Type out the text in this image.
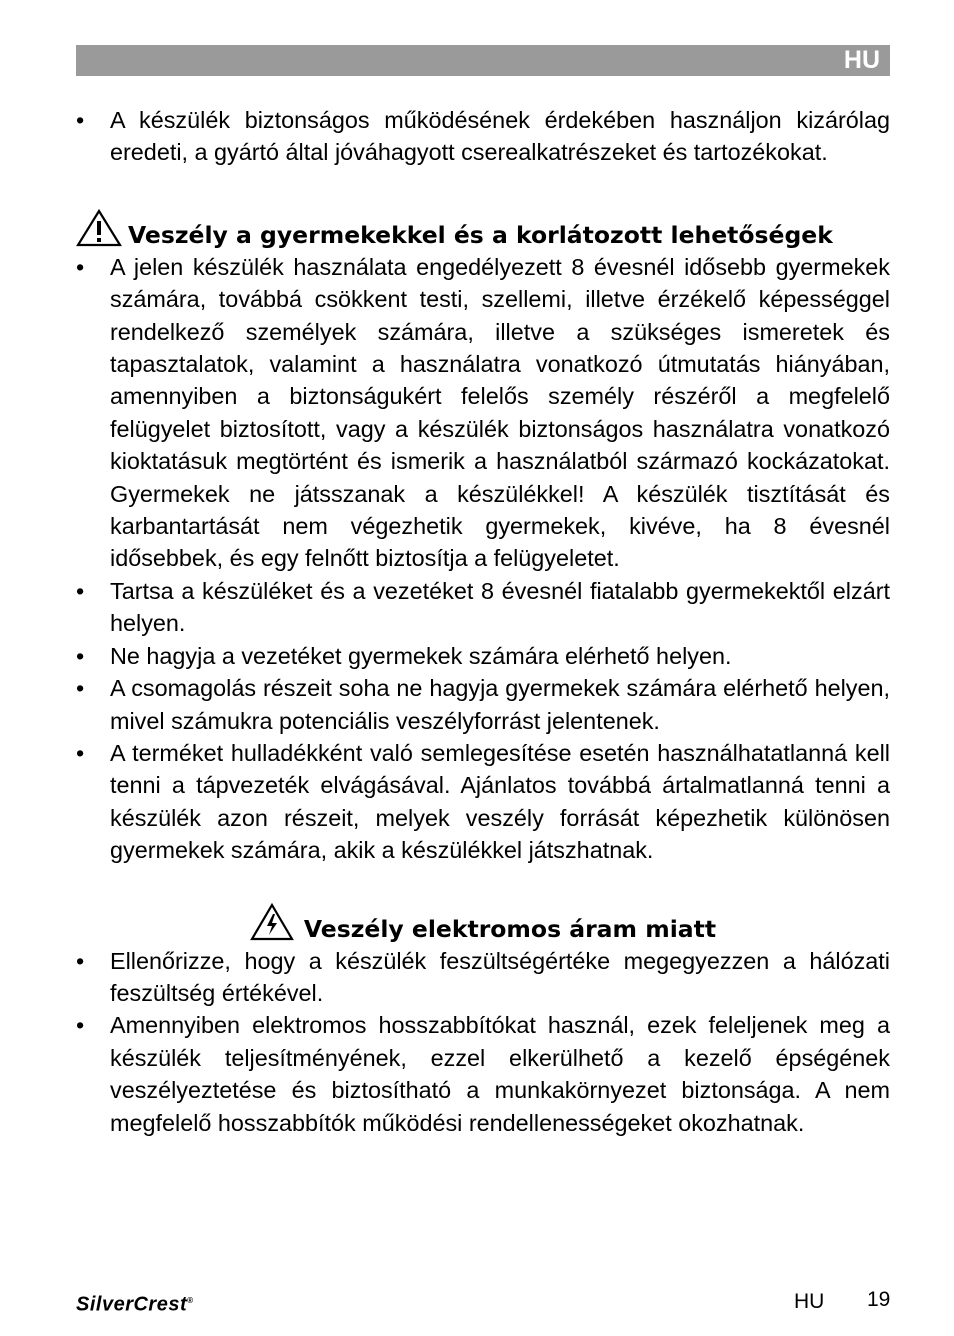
HU
• A készülék biztonságos működésének érdekében használjon kizárólag eredeti, a gyártó által jóváhagyott cserealkatrészeket és tartozékokat.
Veszély a gyermekekkel és a korlátozott lehetőségek
• A jelen készülék használata engedélyezett 8 évesnél idősebb gyermekek számára, továbbá csökkent testi, szellemi, illetve érzékelő képességgel rendelkező személyek számára, illetve a szükséges ismeretek és tapasztalatok, valamint a használatra vonatkozó útmutatás hiányában, amennyiben a biztonságukért felelős személy részéről a megfelelő felügyelet biztosított, vagy a készülék biztonságos használatra vonatkozó kioktatásuk megtörtént és ismerik a használatból származó kockázatokat. Gyermekek ne játsszanak a készülékkel! A készülék tisztítását és karbantartását nem végezhetik gyermekek, kivéve, ha 8 évesnél idősebbek, és egy felnőtt biztosítja a felügyeletet.
• Tartsa a készüléket és a vezetéket 8 évesnél fiatalabb gyermekektől elzárt helyen.
• Ne hagyja a vezetéket gyermekek számára elérhető helyen.
• A csomagolás részeit soha ne hagyja gyermekek számára elérhető helyen, mivel számukra potenciális veszélyforrást jelentenek.
• A terméket hulladékként való semlegesítése esetén használhatatlanná kell tenni a tápvezeték elvágásával. Ajánlatos továbbá ártalmatlanná tenni a készülék azon részeit, melyek veszély forrását képezhetik különösen gyermekek számára, akik a készülékkel játszhatnak.
Veszély elektromos áram miatt
• Ellenőrizze, hogy a készülék feszültségértéke megegyezzen a hálózati feszültség értékével.
• Amennyiben elektromos hosszabbítókat használ, ezek feleljenek meg a készülék teljesítményének, ezzel elkerülhető a kezelő épségének veszélyeztetése és biztosítható a munkakörnyezet biztonsága. A nem megfelelő hosszabbítók működési rendellenességeket okozhatnak.
SilverCrest®	HU 19
